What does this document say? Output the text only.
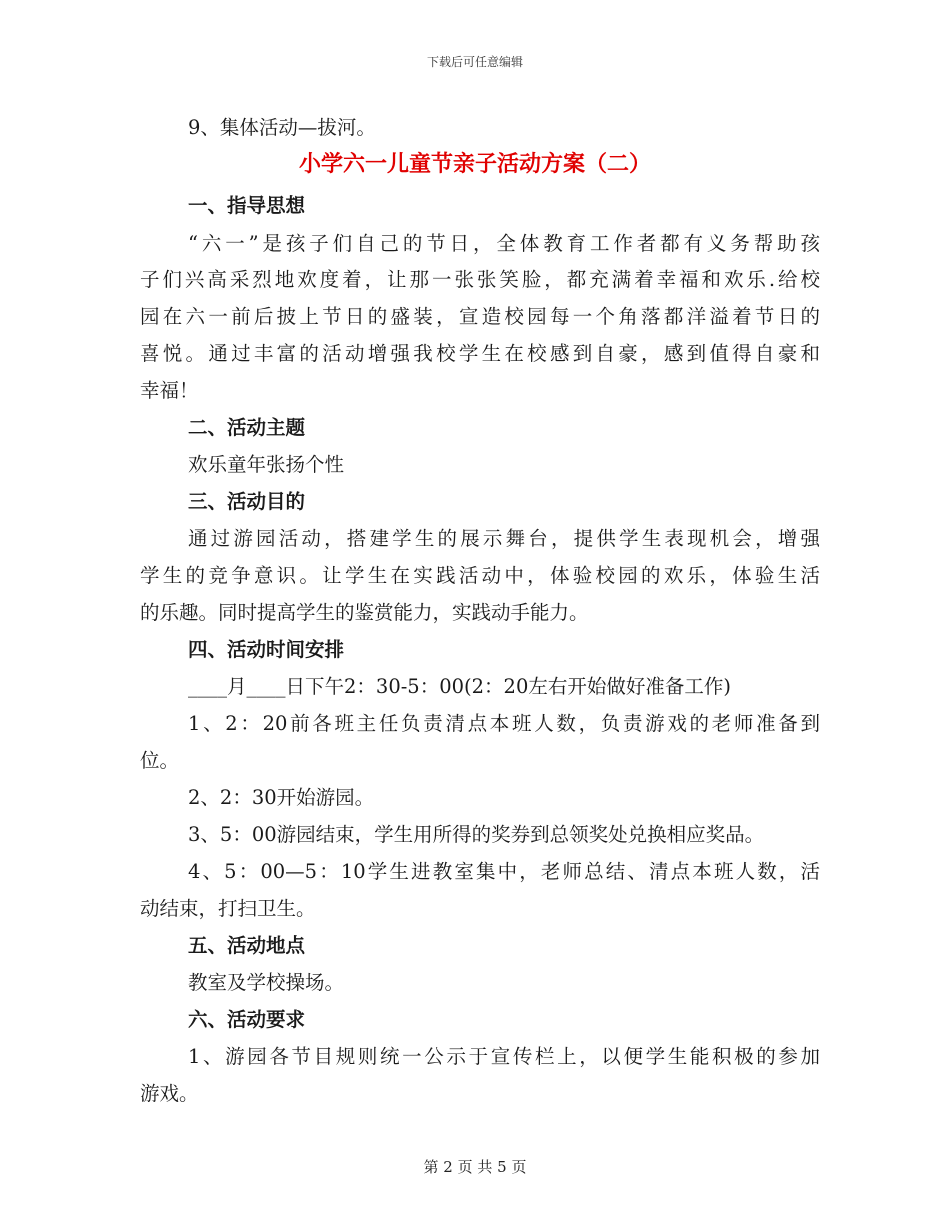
下载后可任意编辑
9、集体活动—拔河。
小学六一儿童节亲子活动方案（二）
一、指导思想
“六一”是孩子们自己的节日，全体教育工作者都有义务帮助孩
子们兴高采烈地欢度着，让那一张张笑脸，都充满着幸福和欢乐.给校
园在六一前后披上节日的盛装，宣造校园每一个角落都洋溢着节日的
喜悦。通过丰富的活动增强我校学生在校感到自豪，感到值得自豪和
幸福！
二、活动主题
欢乐童年张扬个性
三、活动目的
通过游园活动，搭建学生的展示舞台，提供学生表现机会，增强
学生的竞争意识。让学生在实践活动中，体验校园的欢乐，体验生活
的乐趣。同时提高学生的鉴赏能力，实践动手能力。
四、活动时间安排
____月____日下午2：30-5：00(2：20左右开始做好准备工作)
1、2：20前各班主任负责清点本班人数，负责游戏的老师准备到
位。
2、2：30开始游园。
3、5：00游园结束，学生用所得的奖券到总领奖处兑换相应奖品。
4、5：00—5：10学生进教室集中，老师总结、清点本班人数，活
动结束，打扫卫生。
五、活动地点
教室及学校操场。
六、活动要求
1、游园各节目规则统一公示于宣传栏上，以便学生能积极的参加
游戏。
第 2 页 共 5 页
